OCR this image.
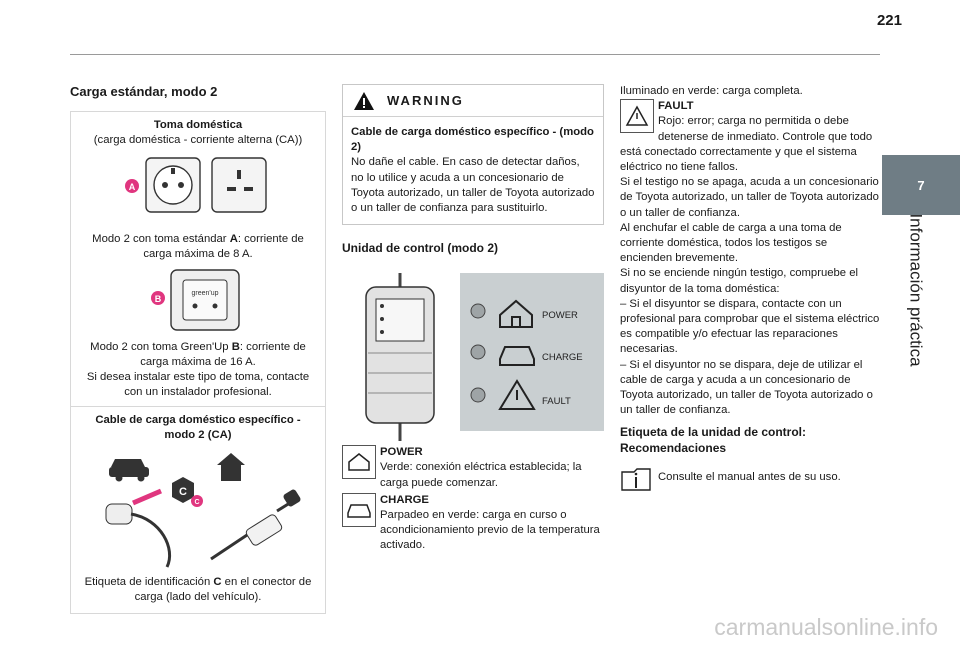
221
7
Información práctica
Carga estándar, modo 2
Toma doméstica
(carga doméstica - corriente alterna (CA))
A
Modo 2 con toma estándar A: corriente de carga máxima de 8 A.
green'up
B
Modo 2 con toma Green'Up B: corriente de carga máxima de 16 A.
Si desea instalar este tipo de toma, contacte con un instalador profesional.
Cable de carga doméstico específico - modo 2 (CA)
C
C
Etiqueta de identificación C en el conector de carga (lado del vehículo).
WARNING
Cable de carga doméstico específico - (modo 2)
No dañe el cable. En caso de detectar daños, no lo utilice y acuda a un concesionario de Toyota autorizado, un taller de Toyota autorizado o un taller de confianza para sustituirlo.
Unidad de control (modo 2)
POWER
CHARGE
FAULT
POWER
Verde: conexión eléctrica establecida; la carga puede comenzar.
CHARGE
Parpadeo en verde: carga en curso o acondicionamiento previo de la temperatura activado.
Iluminado en verde: carga completa.
FAULT
Rojo: error; carga no permitida o debe detenerse de inmediato. Controle que todo está conectado correctamente y que el sistema eléctrico no tiene fallos.
Si el testigo no se apaga, acuda a un concesionario de Toyota autorizado, un taller de Toyota autorizado o un taller de confianza.
Al enchufar el cable de carga a una toma de corriente doméstica, todos los testigos se encienden brevemente.
Si no se enciende ningún testigo, compruebe el disyuntor de la toma doméstica:
– Si el disyuntor se dispara, contacte con un profesional para comprobar que el sistema eléctrico es compatible y/o efectuar las reparaciones necesarias.
– Si el disyuntor no se dispara, deje de utilizar el cable de carga y acuda a un concesionario de Toyota autorizado, un taller de Toyota autorizado o un taller de confianza.
Etiqueta de la unidad de control: Recomendaciones
Consulte el manual antes de su uso.
carmanualsonline.info
